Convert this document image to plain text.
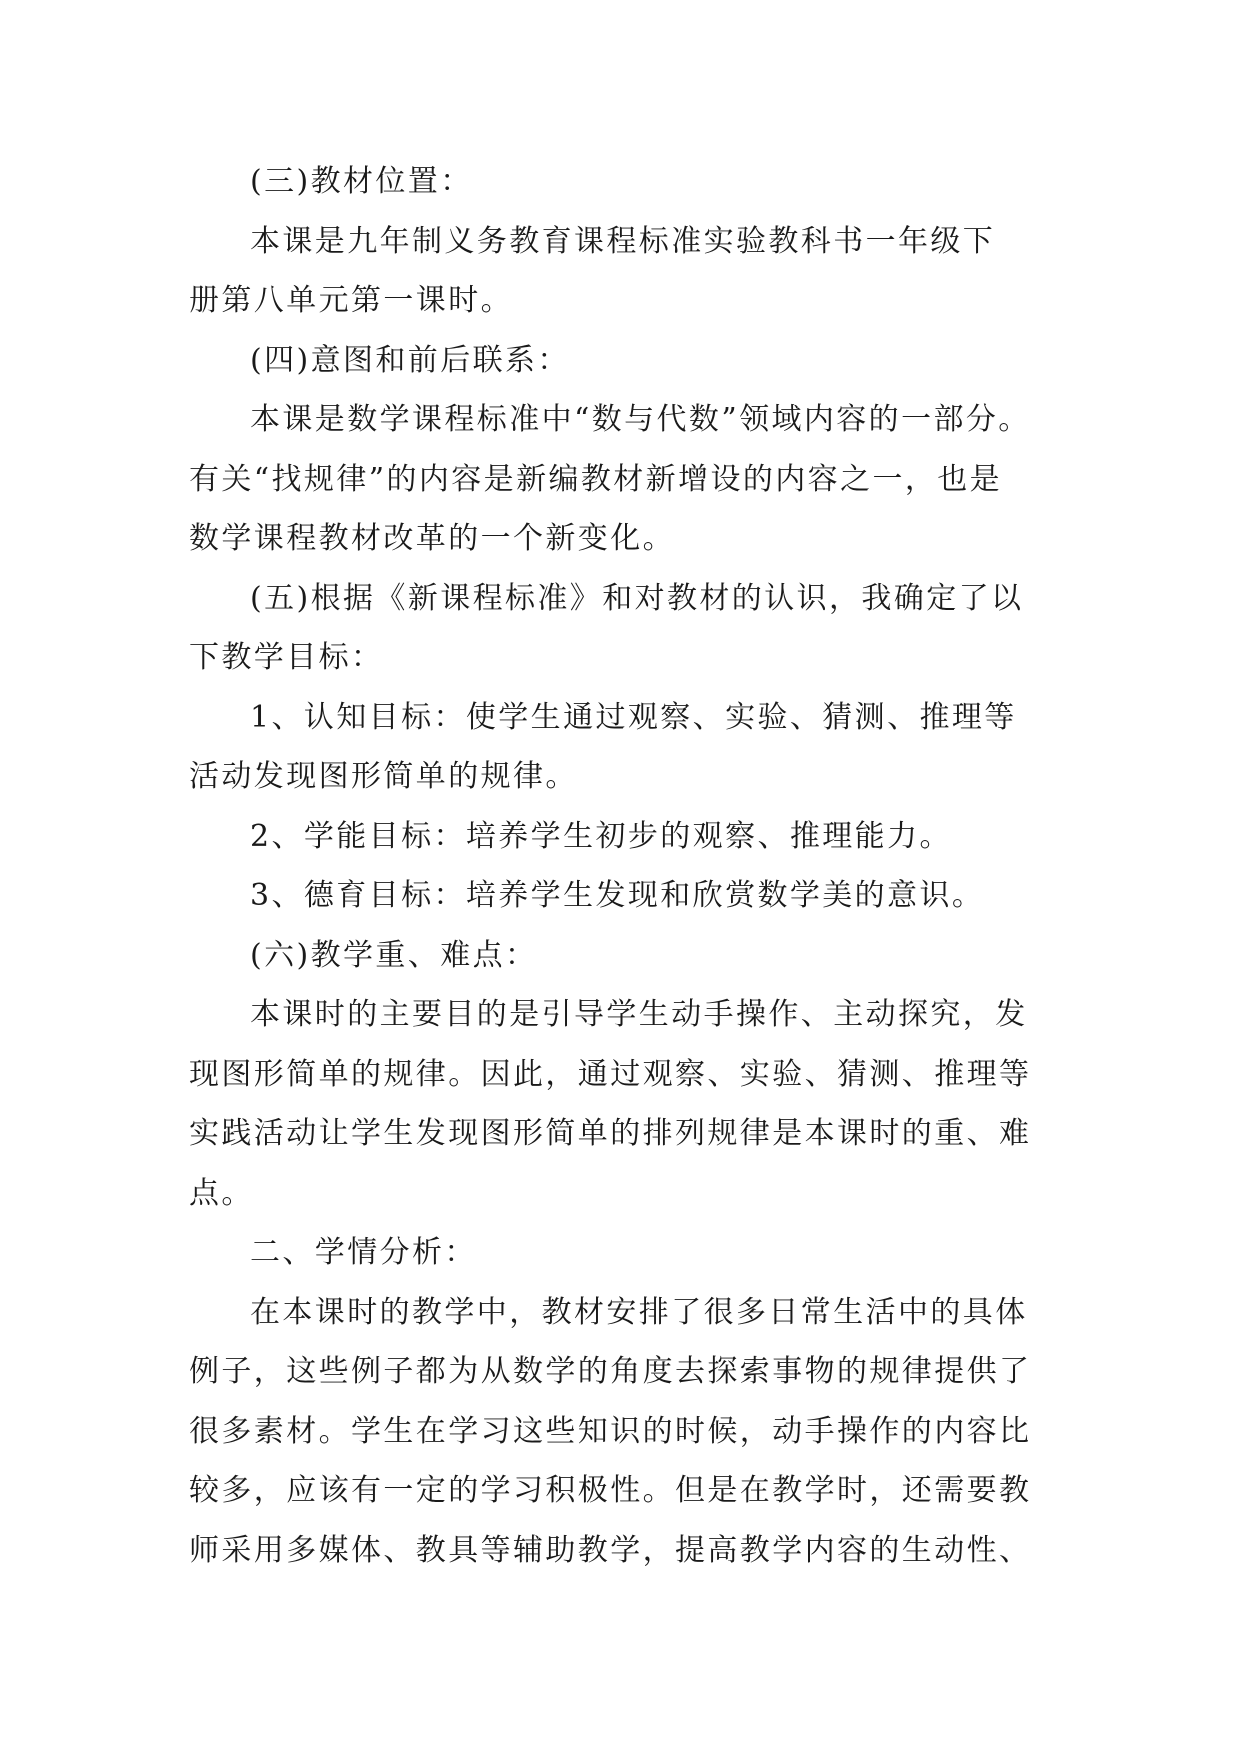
(三)教材位置：

本课是九年制义务教育课程标准实验教科书一年级下
册第八单元第一课时。

(四)意图和前后联系：

本课是数学课程标准中“数与代数”领域内容的一部分。
有关“找规律”的内容是新编教材新增设的内容之一，也是
数学课程教材改革的一个新变化。

(五)根据《新课程标准》和对教材的认识，我确定了以
下教学目标：

1、认知目标：使学生通过观察、实验、猜测、推理等
活动发现图形简单的规律。

2、学能目标：培养学生初步的观察、推理能力。

3、德育目标：培养学生发现和欣赏数学美的意识。

(六)教学重、难点：

本课时的主要目的是引导学生动手操作、主动探究，发
现图形简单的规律。因此，通过观察、实验、猜测、推理等
实践活动让学生发现图形简单的排列规律是本课时的重、难
点。

二、学情分析：

在本课时的教学中，教材安排了很多日常生活中的具体
例子，这些例子都为从数学的角度去探索事物的规律提供了
很多素材。学生在学习这些知识的时候，动手操作的内容比
较多，应该有一定的学习积极性。但是在教学时，还需要教
师采用多媒体、教具等辅助教学，提高教学内容的生动性、
